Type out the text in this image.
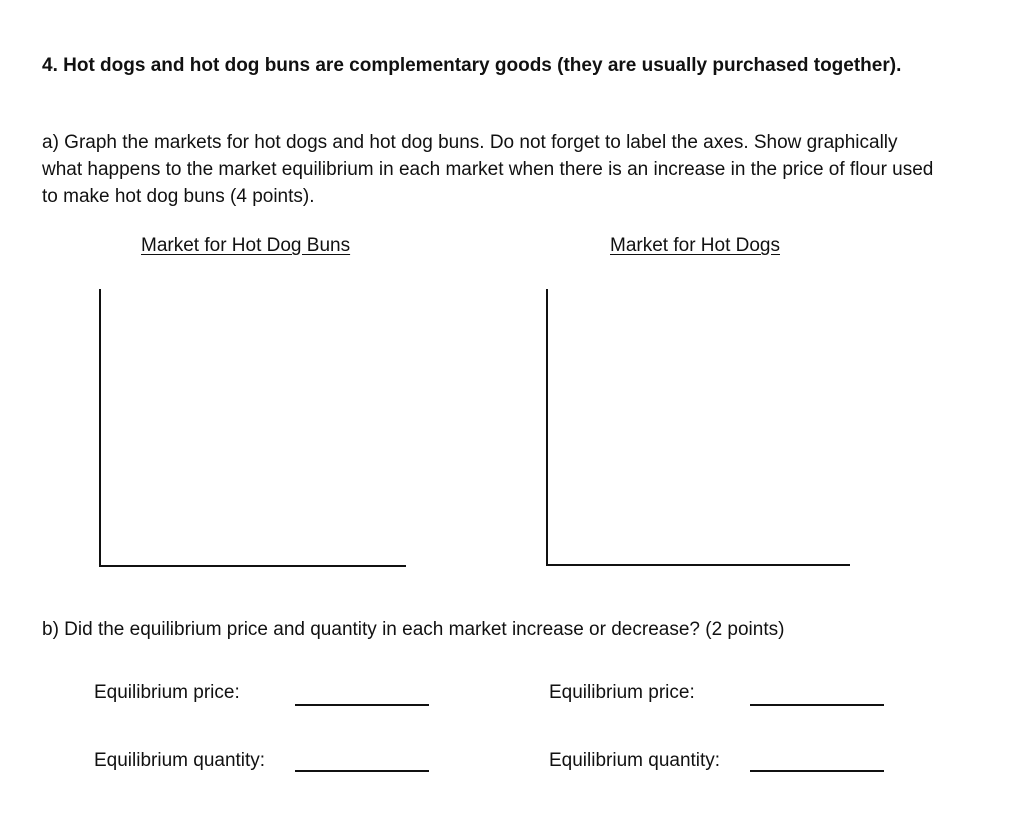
4. Hot dogs and hot dog buns are complementary goods (they are usually purchased together).
a) Graph the markets for hot dogs and hot dog buns. Do not forget to label the axes. Show graphically what happens to the market equilibrium in each market when there is an increase in the price of flour used to make hot dog buns (4 points).
Market for Hot Dog Buns	Market for Hot Dogs
b) Did the equilibrium price and quantity in each market increase or decrease? (2 points)
Equilibrium price:
Equilibrium quantity:
Equilibrium price:
Equilibrium quantity:
